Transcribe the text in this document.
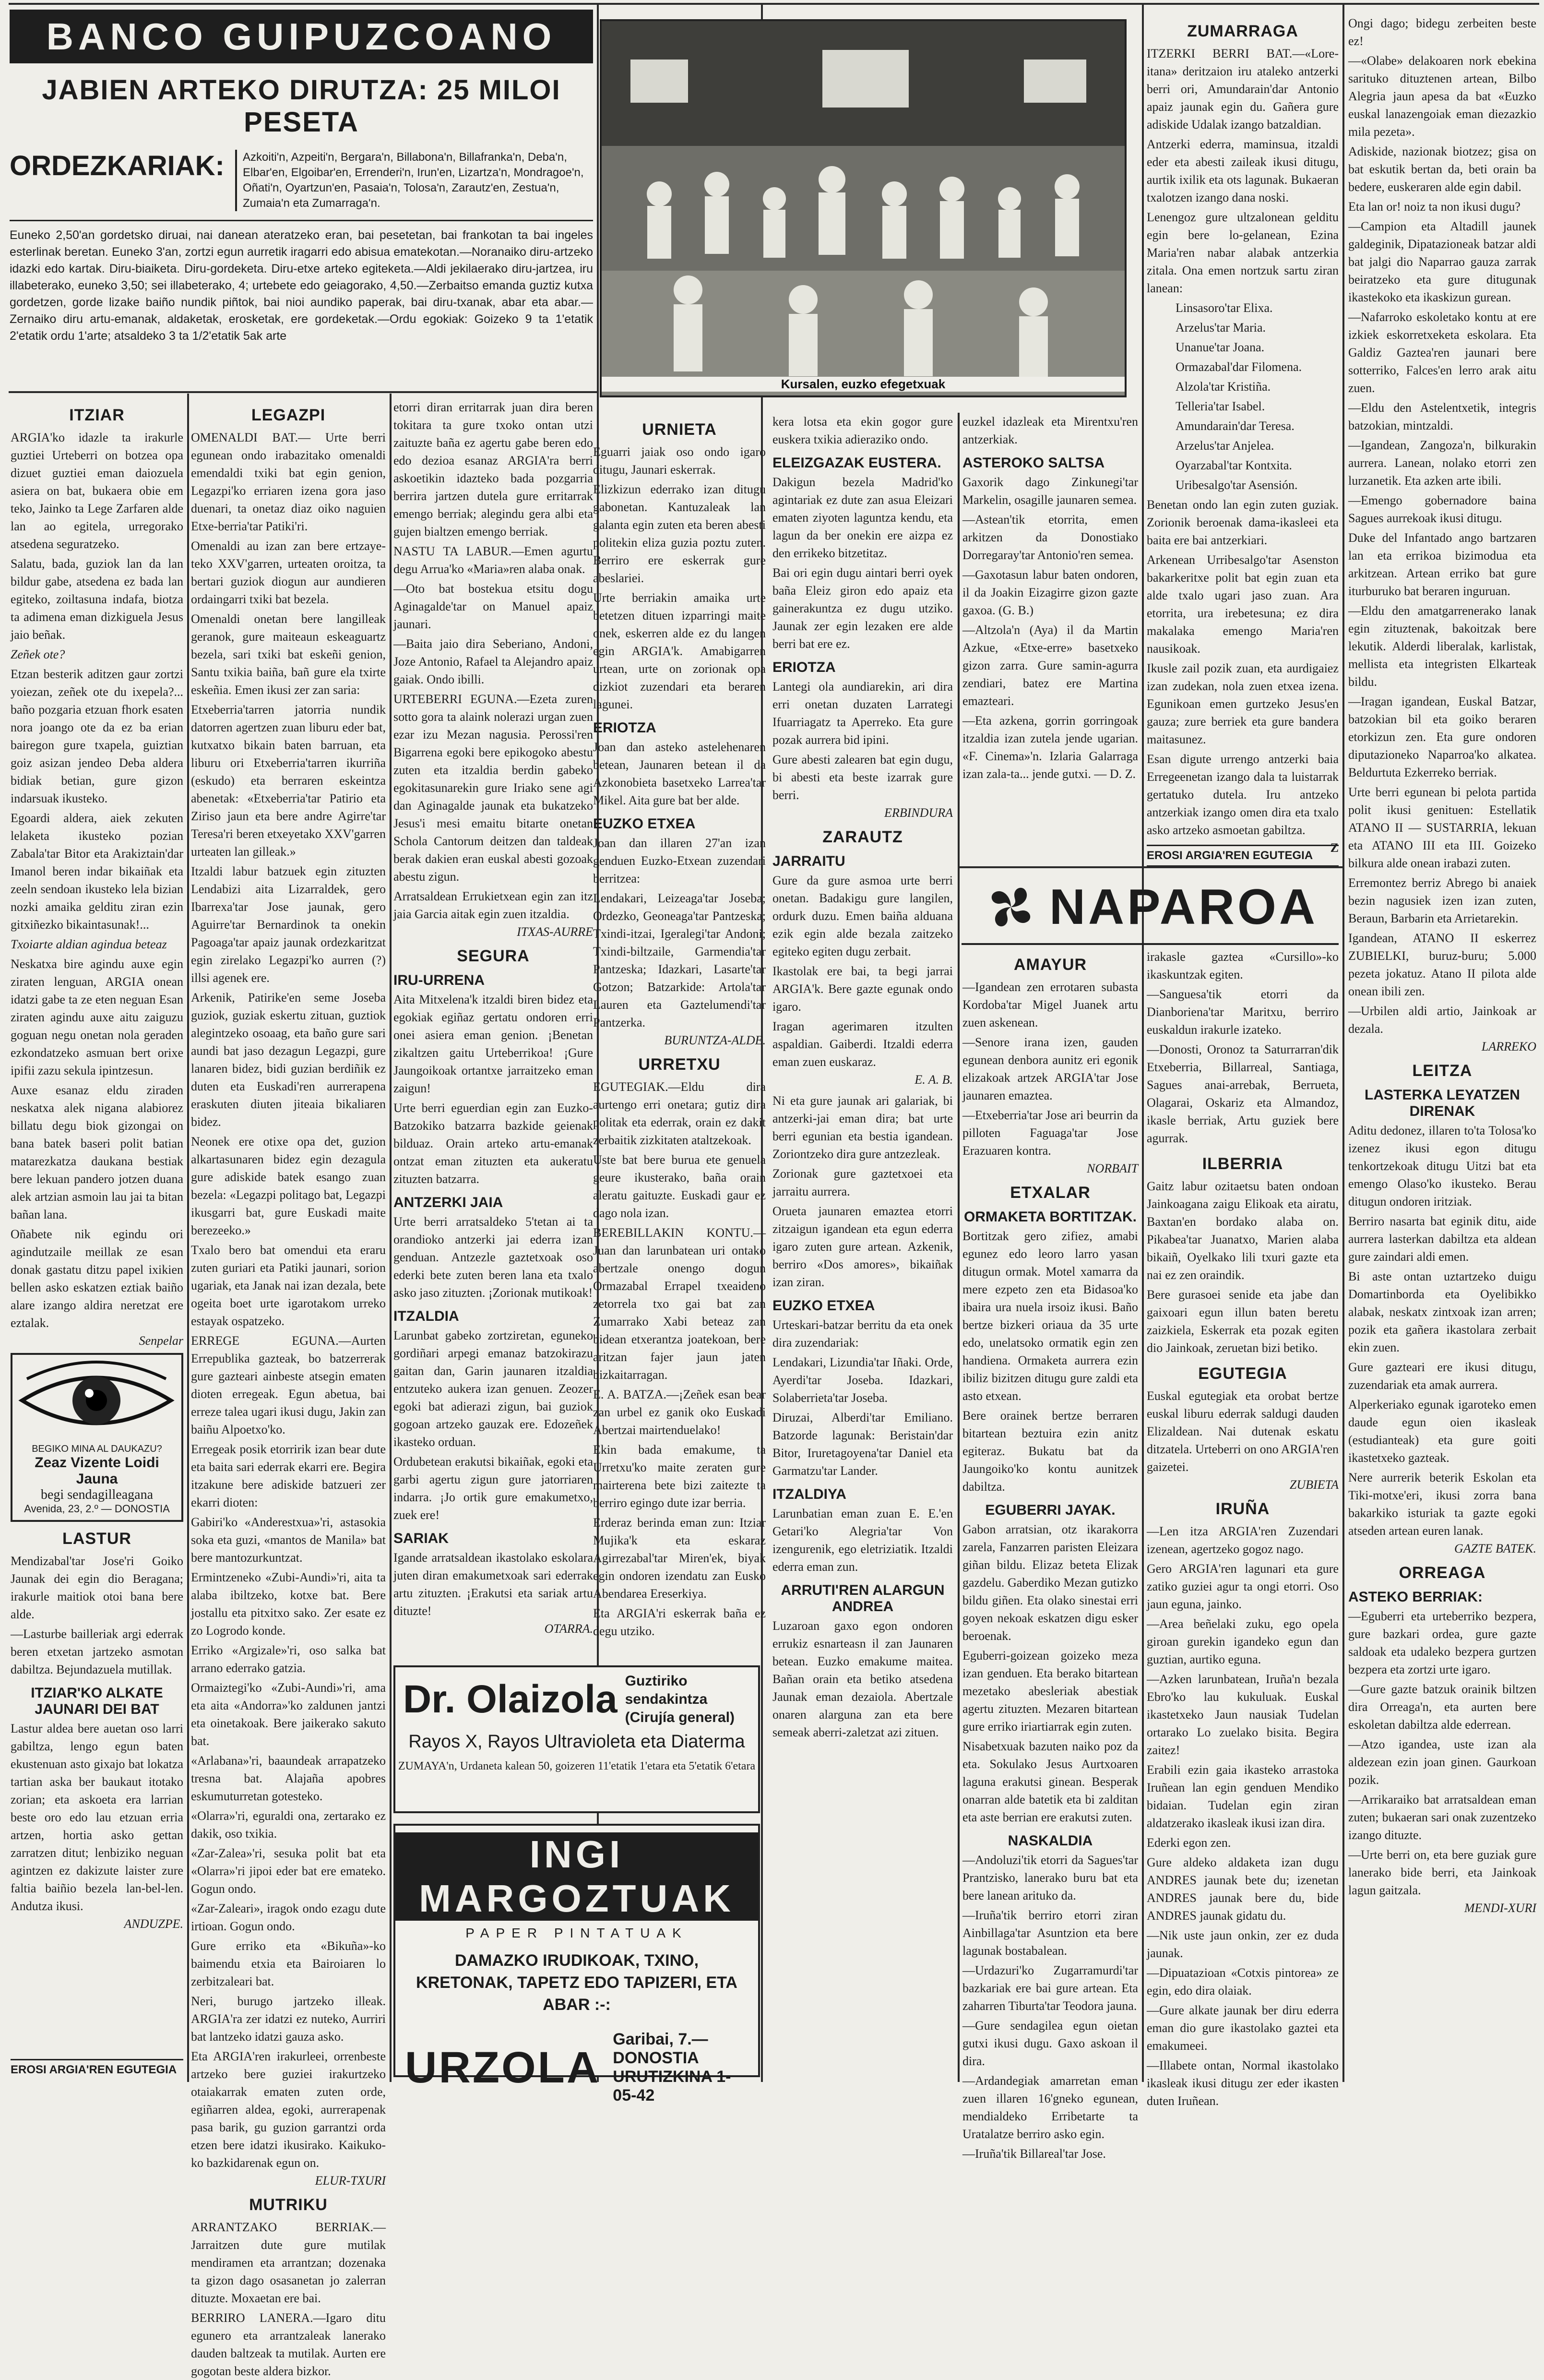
BANCO GUIPUZCOANO
JABIEN ARTEKO DIRUTZA: 25 MILOI PESETA
ORDEZKARIAK:	Azkoiti'n, Azpeiti'n, Bergara'n, Billabona'n, Billafranka'n, Deba'n, Elbar'en, Elgoibar'en, Errenderi'n, Irun'en, Lizartza'n, Mondragoe'n, Oñati'n, Oyartzun'en, Pasaia'n, Tolosa'n, Zarautz'en, Zestua'n, Zumaia'n eta Zumarraga'n.
Euneko 2,50'an gordetsko diruai, nai danean ateratzeko eran, bai pesetetan, bai frankotan ta bai ingeles esterlinak beretan. Euneko 3'an, zortzi egun aurretik iragarri edo abisua ematekotan.—Noranaiko diru-artzeko idazki edo kartak. Diru-biaiketa. Diru-gordeketa. Diru-etxe arteko egiteketa.—Aldi jekilaerako diru-jartzea, iru illabeterako, euneko 3,50; sei illabeterako, 4; urtebete edo geiagorako, 4,50.—Zerbaitso emanda guztiz kutxa gordetzen, gorde lizake baiño nundik piñtok, bai nioi aundiko paperak, bai diru-txanak, abar eta abar.—Zernaiko diru artu-emanak, aldaketak, erosketak, ere gordeketak.—Ordu egokiak: Goizeko 9 ta 1'etatik 2'etatik ordu 1'arte; atsaldeko 3 ta 1/2'etatik 5ak arte
Kursalen, euzko efegetxuak
ITZIAR

ARGIA'ko idazle ta irakurle guztiei Urteberri on botzea opa dizuet guztiei eman daiozuela asiera on bat, bukaera obie em teko, Jainko ta Lege Zarfaren alde lan ao egitela, urregorako atsedena seguratzeko.

Salatu, bada, guziok lan da lan bildur gabe, atsedena ez bada lan egiteko, zoiltasuna indafa, biotza ta adimena eman dizkiguela Jesus jaio beñak.

Zeñek ote?

Etzan besterik aditzen gaur zortzi yoiezan, zeñek ote du ixepela?... baño pozgaria etzuan fhork esaten nora joango ote da ez ba erian bairegon gure txapela, guiztian goiz asizan jendeo Deba aldera bidiak betian, gure gizon indarsuak ikusteko.

Egoardi aldera, aiek zekuten lelaketa ikusteko pozian Zabala'tar Bitor eta Arakiztain'dar Imanol beren indar bikaiñak eta zeeln sendoan ikusteko lela bizian nozki amaika gelditu ziran ezin gitxiñezko bikaintasunak!...

Txoiarte aldian agindua beteaz

Neskatxa bire agindu auxe egin ziraten lenguan, ARGIA onean idatzi gabe ta ze eten neguan Esan ziraten agindu auxe aitu zaiguzu goguan negu onetan nola geraden ezkondatzeko asmuan bert orixe ipifii zazu sekula ipintzesun.

Auxe esanaz eldu ziraden neskatxa alek nigana alabiorez billatu degu biok gizongai on bana batek baseri polit batian matarezkatza daukana bestiak bere lekuan pandero jotzen duana alek artzian asmoin lau jai ta bitan bañan lana.

Oñabete nik egindu ori agindutzaile meillak ze esan donak gastatu ditzu papel ixikien bellen asko eskatzen eztiak baiño alare izango aldira neretzat ere eztalak.

Senpelar
BEGIKO MINA AL DAUKAZU?
Zeaz Vizente Loidi Jauna
begi sendagilleagana
Avenida, 23, 2.º — DONOSTIA
LASTUR

Mendizabal'tar Jose'ri Goiko Jaunak dei egin dio Beragana; irakurle maitiok otoi bana bere alde.

—Lasturbe bailleriak argi ederrak beren etxetan jartzeko asmotan dabiltza. Bejundazuela mutillak.

ITZIAR'KO ALKATE JAUNARI DEI BAT

Lastur aldea bere auetan oso larri gabiltza, lengo egun baten ekustenuan asto gixajo bat lokatza tartian aska ber baukaut itotako zorian; eta askoeta era larrian beste oro edo lau etzuan erria artzen, hortia asko gettan zarratzen ditut; lenbiziko neguan agintzen ez dakizute laister zure faltia baiñio bezela lan-bel-len. Andutza ikusi.

ANDUZPE.
EROSI ARGIA'REN EGUTEGIA
LEGAZPI

OMENALDI BAT.— Urte berri egunean ondo irabazitako omenaldi emendaldi txiki bat egin genion, Legazpi'ko erriaren izena gora jaso duenari, ta onetaz diaz oiko naguien Etxe-berria'tar Patiki'ri.

Omenaldi au izan zan bere ertzaye-teko XXV'garren, urteaten oroitza, ta bertari guziok diogun aur aundieren ordaingarri txiki bat bezela.

Omenaldi onetan bere langilleak geranok, gure maiteaun eskeaguartz bezela, sari txiki bat eskeñi genion, Santu txikia baiña, bañ gure ela txirte eskeñia. Emen ikusi zer zan saria:

Etxeberria'tarren jatorria nundik datorren agertzen zuan liburu eder bat, kutxatxo bikain baten barruan, eta liburu ori Etxeberria'tarren ikurriña (eskudo) eta berraren eskeintza abenetak: «Etxeberria'tar Patirio eta Ziriso jaun eta bere andre Agirre'tar Teresa'ri beren etxeyetako XXV'garren urteaten lan gilleak.»

Itzaldi labur batzuek egin zituzten Lendabizi aita Lizarraldek, gero Ibarrexa'tar Jose jaunak, gero Aguirre'tar Bernardinok ta onekin Pagoaga'tar apaiz jaunak ordezkaritzat egin zirelako Legazpi'ko aurren (?) illsi agenek ere.

Arkenik, Patirike'en seme Joseba guziok, guziak eskertu zituan, guztiok alegintzeko osoaag, eta baño gure sari aundi bat jaso dezagun Legazpi, gure lanaren bidez, bidi guzian berdiñik ez duten eta Euskadi'ren aurrerapena eraskuten diuten jiteaia bikaliaren bidez.

Neonek ere otixe opa det, guzion alkartasunaren bidez egin dezagula gure adiskide batek esango zuan bezela: «Legazpi politago bat, Legazpi ikusgarri bat, gure Euskadi maite berezeeko.»

Txalo bero bat omendui eta eraru zuten guriari eta Patiki jaunari, sorion ugariak, eta Janak nai izan dezala, bete ogeita boet urte igarotakom urreko estayak ospatzeko.

ERREGE EGUNA.—Aurten Errepublika gazteak, bo batzerrerak gure gazteari ainbeste atsegin ematen dioten erregeak. Egun abetua, bai erreze talea ugari ikusi dugu, Jakin zan baiñu Alpoetxo'ko.

Erregeak posik etorririk izan bear dute eta baita sari ederrak ekarri ere. Begira itzakune bere adiskide batzueri zer ekarri dioten:

Gabiri'ko «Anderestxua»'ri, astasokia soka eta guzi, «mantos de Manila» bat bere mantozurkuntzat.

Ermintzeneko «Zubi-Aundi»'ri, aita ta alaba ibiltzeko, kotxe bat. Bere jostallu eta pitxitxo sako. Zer esate ez zo Logrodo konde.

Erriko «Argizale»'ri, oso salka bat arrano ederrako gatzia.

Ormaiztegi'ko «Zubi-Aundi»'ri, ama eta aita «Andorra»'ko zaldunen jantzi eta oinetakoak. Bere jaikerako sakuto bat.

«Arlabana»'ri, baaundeak arrapatzeko tresna bat. Alajaña apobres eskumuturretan gotesteko.

«Olarra»'ri, eguraldi ona, zertarako ez dakik, oso txikia.

«Zar-Zalea»'ri, sesuka polit bat eta «Olarra»'ri jipoi eder bat ere emateko. Gogun ondo.

«Zar-Zaleari», iragok ondo ezagu dute irtioan. Gogun ondo.

Gure erriko eta «Bikuña»-ko baimendu etxia eta Bairoiaren lo zerbitzaleari bat.

Neri, burugo jartzeko illeak. ARGIA'ra zer idatzi ez nuteko, Aurriri bat lantzeko idatzi gauza asko.

Eta ARGIA'ren irakurleei, orrenbeste artzeko bere guziei irakurtzeko otaiakarrak ematen zuten orde, egiñarren aldea, egoki, aurrerapenak pasa barik, gu guzion garrantzi orda etzen bere idatzi ikusirako. Kaikuko-ko bazkidarenak egun on.

ELUR-TXURI
MUTRIKU

ARRANTZAKO BERRIAK.—Jarraitzen dute gure mutilak mendiramen eta arrantzan; dozenaka ta gizon dago osasanetan jo zalerran dituzte. Moxaetan ere bai.

BERRIRO LANERA.—Igaro ditu egunero eta arrantzaleak lanerako dauden baltzeak ta mutilak. Aurten ere gogotan beste aldera bizkor.

etorri diran erritarrak juan dira beren tokitara ta gure txoko ontan utzi zaituzte baña ez agertu gabe beren edo edo dezioa esanaz ARGIA'ra berri askoetikin idazteko bada pozgarria berrira jartzen dutela gure erritarrak emengo berriak; alegindu gera albi eta gujen bialtzen emengo berriak.

NASTU TA LABUR.—Emen agurtu degu Arrua'ko «Maria»ren alaba onak.

—Oto bat bostekua etsitu dogu Aginagalde'tar on Manuel apaiz jaunari.

—Baita jaio dira Seberiano, Andoni, Joze Antonio, Rafael ta Alejandro apaiz gaiak. Ondo ibilli.

URTEBERRI EGUNA.—Ezeta zuren sotto gora ta alaink nolerazi urgan zuen ezar izu Mezan nagusia. Perossi'ren Bigarrena egoki bere epikogoko abestu zuten eta itzaldia berdin gabeko egokitasunarekin gure Iriako sene agi dan Aginagalde jaunak eta bukatzeko Jesus'i mesi emaitu bitarte onetan Schola Cantorum deitzen dan taldeak berak dakien eran euskal abesti gozoak abestu zigun.

Arratsaldean Errukietxean egin zan itz jaia Garcia aitak egin zuen itzaldia.

ITXAS-AURRE
SEGURA
IRU-URRENA

Aita Mitxelena'k itzaldi biren bidez eta egokiak egiñaz gertatu ondoren erri onei asiera eman genion. ¡Benetan zikaltzen gaitu Urteberrikoa! ¡Gure Jaungoikoak ortantxe jarraitzeko eman zaigun!

Urte berri eguerdian egin zan Euzko-Batzokiko batzarra bazkide geienak bilduaz. Orain arteko artu-emanak ontzat eman zituzten eta aukeratu zituzten batzarra.

ANTZERKI JAIA

Urte berri arratsaldeko 5'tetan ai ta orandioko antzerki jai ederra izan genduan. Antzezle gaztetxoak oso ederki bete zuten beren lana eta txalo asko jaso zituzten. ¡Zorionak mutikoak!

ITZALDIA

Larunbat gabeko zortziretan, eguneko gordiñari arpegi emanaz batzokirazu gaitan dan, Garin jaunaren itzaldia entzuteko aukera izan genuen. Zeozer egoki bat adierazi zigun, bai guziok gogoan artzeko gauzak ere. Edozeñek ikasteko orduan.

Ordubetean erakutsi bikaiñak, egoki eta garbi agertu zigun gure jatorriaren indarra. ¡Jo ortik gure emakumetxo, zuek ere!

SARIAK

Igande arratsaldean ikastolako eskolara juten diran emakumetxoak sari ederrak artu zituzten. ¡Erakutsi eta sariak artu dituzte!

OTARRA.
Dr. Olaizola Guztiriko sendakintza (Cirujía general)
Rayos X, Rayos Ultravioleta eta Diaterma
ZUMAYA'n, Urdaneta kalean 50, goizeren 11'etatik 1'etara eta 5'etatik 6'etara
INGI MARGOZTUAK
PAPER PINTATUAK
DAMAZKO IRUDIKOAK, TXINO, KRETONAK, TAPETZ EDO TAPIZERI, ETA ABAR :-:
URZOLA
Garibai, 7.—DONOSTIA
URUTIZKINA 1-05-42
URNIETA

Eguarri jaiak oso ondo igaro ditugu, Jaunari eskerrak.

Elizkizun ederrako izan ditugu gabonetan. Kantuzaleak lan galanta egin zuten eta beren abesti politekin eliza guzia poztu zuten. Berriro ere eskerrak gure abeslariei.

Urte berriakin amaika urte betetzen dituen izparringi maite onek, eskerren alde ez du langen egin ARGIA'k. Amabigarren urtean, urte on zorionak opa dizkiot zuzendari eta beraren lagunei.

ERIOTZA

Joan dan asteko astelehenaren betean, Jaunaren betean il da Azkonobieta basetxeko Larrea'tar Mikel. Aita gure bat ber alde.

EUZKO ETXEA

Joan dan illaren 27'an izan genduen Euzko-Etxean zuzendari berritzea:

Lendakari, Leizeaga'tar Joseba; Ordezko, Geoneaga'tar Pantzeska; Txindi-itzai, Igeralegi'tar Andoni; Txindi-biltzaile, Garmendia'tar Pantzeska; Idazkari, Lasarte'tar Gotzon; Batzarkide: Artola'tar Lauren eta Gaztelumendi'tar Pantzerka.

BURUNTZA-ALDE.
URRETXU

EGUTEGIAK.—Eldu dira aurtengo erri onetara; gutiz dira politak eta ederrak, orain ez dakit zerbaitik zizkitaten ataltzekoak.

Uste bat bere burua ete genuela geure ikusterako, baña orain aleratu gaituzte. Euskadi gaur ez dago nola izan.

BEREBILLAKIN KONTU.—Juan dan larunbatean uri ontako abertzale onengo dogun Ormazabal Errapel txeaideno zetorrela txo gai bat zan Zumarrako Xabi beteaz zan bidean etxerantza joatekoan, bere aritzan fajer jaun jaten bizkaitarragan.

E. A. BATZA.—¡Zeñek esan bear zan urbel ez ganik oko Euskadi Abertzai mairtenduelako!

Ekin bada emakume, ta Urretxu'ko maite zeraten gure mairterena bete bizi zaitezte ta berriro egingo dute izar berria.

Erderaz berinda eman zun: Itziar Mujika'k eta eskaraz Agirrezabal'tar Miren'ek, biyak egin ondoren izendatu zan Eusko Abendarea Ereserkiya.

Eta ARGIA'ri eskerrak baña ez degu utziko.

kera lotsa eta ekin gogor gure euskera txikia adieraziko ondo.

ELEIZGAZAK EUSTERA.

Dakigun bezela Madrid'ko agintariak ez dute zan asua Eleizari ematen ziyoten laguntza kendu, eta lagun da ber onekin ere aizpa ez den errikeko bitzetitaz.

Bai ori egin dugu aintari berri oyek baña Eleiz giron edo apaiz eta gainerakuntza ez dugu utziko. Jaunak zer egin lezaken ere alde berri bat ere ez.

ERIOTZA

Lantegi ola aundiarekin, ari dira erri onetan duzaten Larrategi Ifuarriagatz ta Aperreko. Eta gure pozak aurrera bid ipini.

Gure abesti zalearen bat egin dugu, bi abesti eta beste izarrak gure berri.

ERBINDURA
ZARAUTZ
JARRAITU

Gure da gure asmoa urte berri onetan. Badakigu gure langilen, ordurk duzu. Emen baiña alduana ezik egin alde bezala zaitzeko egiteko egiten dugu zerbait.

Ikastolak ere bai, ta begi jarrai ARGIA'k. Bere gazte egunak ondo igaro.

Iragan agerimaren itzulten aspaldian. Gaiberdi. Itzaldi ederra eman zuen euskaraz.

E. A. B.

Ni eta gure jaunak ari galariak, bi antzerki-jai eman dira; bat urte berri egunian eta bestia igandean. Zoriontzeko dira gure antzezleak.

Zorionak gure gaztetxoei eta jarraitu aurrera.

Orueta jaunaren emaztea etorri zitzaigun igandean eta egun ederra igaro zuten gure artean. Azkenik, berriro «Dos amores», bikaiñak izan ziran.

EUZKO ETXEA

Urteskari-batzar berritu da eta onek dira zuzendariak:

Lendakari, Lizundia'tar Iñaki. Orde, Ayerdi'tar Joseba. Idazkari, Solaberrieta'tar Joseba.

Diruzai, Alberdi'tar Emiliano. Batzorde lagunak: Beristain'dar Bitor, Iruretagoyena'tar Daniel eta Garmatzu'tar Lander.

ITZALDIYA

Larunbatian eman zuan E. E.'en Getari'ko Alegria'tar Von izengurenik, ego eletriziatik. Itzaldi ederra eman zun.

ARRUTI'REN ALARGUN ANDREA

Luzaroan gaxo egon ondoren errukiz esnarteasn il zan Jaunaren betean. Euzko emakume maitea. Bañan orain eta betiko atsedena Jaunak eman dezaiola. Abertzale onaren alarguna zan eta bere semeak aberri-zaletzat azi zituen.

euzkel idazleak eta Mirentxu'ren antzerkiak.

ASTEROKO SALTSA

Gaxorik dago Zinkunegi'tar Markelin, osagille jaunaren semea.

—Astean'tik etorrita, emen arkitzen da Donostiako Dorregaray'tar Antonio'ren semea.

—Gaxotasun labur baten ondoren, il da Joakin Eizagirre gizon gazte gaxoa. (G. B.)

—Altzola'n (Aya) il da Martin Azkue, «Etxe-erre» basetxeko gizon zarra. Gure samin-agurra zendiari, batez ere Martina emazteari.

—Eta azkena, gorrin gorringoak itzaldia izan zutela jende ugarian. «F. Cinema»'n. Izlaria Galarraga izan zala-ta... jende gutxi. — D. Z.

ZUMARRAGA

ITZERKI BERRI BAT.—«Lore-itana» deritzaion iru ataleko antzerki berri ori, Amundarain'dar Antonio apaiz jaunak egin du. Gañera gure adiskide Udalak izango batzaldian.

Antzerki ederra, maminsua, itzaldi eder eta abesti zaileak ikusi ditugu, aurtik ixilik eta ots lagunak. Bukaeran txalotzen izango dana noski.

Lenengoz gure ultzalonean gelditu egin bere lo-gelanean, Ezina Maria'ren nabar alabak antzerkia zitala. Ona emen nortzuk sartu ziran lanean:

Linsasoro'tar Elixa.
Arzelus'tar Maria.
Unanue'tar Joana.
Ormazabal'dar Filomena.
Alzola'tar Kristiña.
Telleria'tar Isabel.
Amundarain'dar Teresa.
Arzelus'tar Anjelea.
Oyarzabal'tar Kontxita.
Uribesalgo'tar Asensión.

Benetan ondo lan egin zuten guziak. Zorionik beroenak dama-ikasleei eta baita ere bai antzerkiari.

Arkenean Urribesalgo'tar Asenston bakarkeritxe polit bat egin zuan eta alde txalo ugari jaso zuan. Ara etorrita, ura irebetesuna; ez dira makalaka emengo Maria'ren nausikoak.

Ikusle zail pozik zuan, eta aurdigaiez izan zudekan, nola zuen etxea izena. Egunikoan emen gurtzeko Jesus'en gauza; zure berriek eta gure bandera maitasunez.

Esan digute urrengo antzerki baia Erregeenetan izango dala ta luistarrak gertatuko dutela. Iru antzeko antzerkiak izango omen dira eta txalo asko artzeko asmoetan gabiltza.

Z
EROSI ARGIA'REN EGUTEGIA
NAPAROA
AMAYUR

—Igandean zen errotaren subasta Kordoba'tar Migel Juanek artu zuen askenean.

—Senore irana izen, gauden egunean denbora aunitz eri egonik elizakoak artzek ARGIA'tar Jose jaunaren emaztea.

—Etxeberria'tar Jose ari beurrin da pilloten Faguaga'tar Jose Erazuaren kontra.

NORBAIT
ETXALAR
ORMAKETA BORTITZAK.

Bortitzak gero zifiez, amabi egunez edo leoro larro yasan ditugun ormak. Motel xamarra da mere ezpeto zen eta Bidasoa'ko ibaira ura nuela irsoiz ikusi. Baño bertze bizkeri oriaua da 35 urte edo, unelatsoko ormatik egin zen handiena. Ormaketa aurrera ezin ibiliz bizitzen ditugu gure zaldi eta asto etxean.

Bere orainek bertze berraren bitartean beztuira ezin anitz egiteraz. Bukatu bat da Jaungoiko'ko kontu aunitzek dabiltza.

EGUBERRI JAYAK.

Gabon arratsian, otz ikarakorra zarela, Fanzarren paristen Eleizara giñan bildu. Elizaz beteta Elizak gazdelu. Gaberdiko Mezan gutizko bildu giñen. Eta olako sinestai erri goyen nekoak eskatzen digu esker beroenak.

Eguberri-goizean goizeko meza izan genduen. Eta berako bitartean mezetako abesleriak abestiak agertu zituzten. Mezaren bitartean gure erriko iriartiarrak egin zuten.

Nisabetxuak bazuten naiko poz da eta. Sokulako Jesus Aurtxoaren laguna erakutsi ginean. Besperak onarran alde batetik eta bi zalditan eta aste berrian ere erakutsi zuten.

NASKALDIA

—Andoluzi'tik etorri da Sagues'tar Prantzisko, lanerako buru bat eta bere lanean arituko da.

—Iruña'tik berriro etorri ziran Ainbillaga'tar Asuntzion eta bere lagunak bostabalean.

—Urdazuri'ko Zugarramurdi'tar bazkariak ere bai gure artean. Eta zaharren Tiburta'tar Teodora jauna.

—Gure sendagilea egun oietan gutxi ikusi dugu. Gaxo askoan il dira.

—Ardandegiak amarretan eman zuen illaren 16'gneko egunean, mendialdeko Erribetarte ta Uratalatze berriro asko egin.

—Iruña'tik Billareal'tar Jose.

irakasle gaztea «Cursillo»-ko ikaskuntzak egiten.

—Sanguesa'tik etorri da Dianboriena'tar Maritxu, berriro euskaldun irakurle izateko.

—Donosti, Oronoz ta Saturrarran'dik Etxeberria, Billarreal, Santiaga, Sagues anai-arrebak, Berrueta, Olagarai, Oskariz eta Almandoz, ikasle berriak, Artu guziek bere agurrak.

ILBERRIA

Gaitz labur ozitaetsu baten ondoan Jainkoagana zaigu Elikoak eta airatu, Baxtan'en bordako alaba on. Pikabea'tar Juanatxo, Marien alaba bikaiñ, Oyelkako lili txuri gazte eta nai ez zen oraindik.

Bere gurasoei senide eta jabe dan gaixoari egun illun baten beretu zaizkiela, Eskerrak eta pozak egiten dio Jainkoak, zeruetan bizi betiko.

EGUTEGIA

Euskal egutegiak eta orobat bertze euskal liburu ederrak saldugi dauden Elizaldean. Nai dutenak eskatu ditzatela. Urteberri on ono ARGIA'ren gaizetei.

ZUBIETA
IRUÑA

—Len itza ARGIA'ren Zuzendari izenean, agertzeko gogoz nago.

Gero ARGIA'ren lagunari eta gure zatiko guziei agur ta ongi etorri. Oso jaun eguna, jainko.

—Area beñelaki zuku, ego opela giroan gurekin igandeko egun dan guztian, aurtiko eguna.

—Azken larunbatean, Iruña'n bezala Ebro'ko lau kukuluak. Euskal ikastetxeko Jaun nausiak Tudelan ortarako Lo zuelako bisita. Begira zaitez!

Erabili ezin gaia ikasteko arrastoka Iruñean lan egin genduen Mendiko bidaian. Tudelan egin ziran aldatzerako ikasleak ikusi izan dira.

Ederki egon zen.

Gure aldeko aldaketa izan dugu ANDRES jaunak bete du; izenetan ANDRES jaunak bere du, bide ANDRES jaunak gidatu du.

—Nik uste jaun onkin, zer ez duda jaunak.

—Dipuatazioan «Cotxis pintorea» ze egin, edo dira olaiak.

—Gure alkate jaunak ber diru ederra eman dio gure ikastolako gaztei eta emakumeei.

—Illabete ontan, Normal ikastolako ikasleak ikusi ditugu zer eder ikasten duten Iruñean.

Ongi dago; bidegu zerbeiten beste ez!

—«Olabe» delakoaren nork ebekina sarituko dituztenen artean, Bilbo Alegria jaun apesa da bat «Euzko euskal lanazengoiak eman diezazkio mila pezeta».

Adiskide, nazionak biotzez; gisa on bat eskutik bertan da, beti orain ba bedere, euskeraren alde egin dabil.

Eta lan or! noiz ta non ikusi dugu?

—Campion eta Altadill jaunek galdeginik, Dipatazioneak batzar aldi bat jalgi dio Naparrao gauza zarrak beiratzeko eta gure ditugunak ikastekoko eta ikaskizun gurean.

—Nafarroko eskoletako kontu at ere izkiek eskorretxeketa eskolara. Eta Galdiz Gaztea'ren jaunari bere sotterriko, Falces'en lerro arak aitu zuen.

—Eldu den Astelentxetik, integris batzokian, mintzaldi.

—Igandean, Zangoza'n, bilkurakin aurrera. Lanean, nolako etorri zen lurzanetik. Eta azken arte ibili.

—Emengo gobernadore baina Sagues aurrekoak ikusi ditugu.

Duke del Infantado ango bartzaren lan eta errikoa bizimodua eta arkitzean. Artean erriko bat gure iturburuko bat beraren inguruan.

—Eldu den amatgarrenerako lanak egin zituztenak, bakoitzak bere lekutik. Alderdi liberalak, karlistak, mellista eta integristen Elkarteak bildu.

—Iragan igandean, Euskal Batzar, batzokian bil eta goiko beraren etorkizun zen. Eta gure ondoren diputazioneko Naparroa'ko alkatea. Beldurtuta Ezkerreko berriak.

Urte berri egunean bi pelota partida polit ikusi genituen: Estellatik ATANO II — SUSTARRIA, lekuan eta ATANO III eta III. Goizeko bilkura alde onean irabazi zuten.

Erremontez berriz Abrego bi anaiek bezin nagusiek izen izan zuten, Beraun, Barbarin eta Arrietarekin.

Igandean, ATANO II eskerrez ZUBIELKI, buruz-buru; 5.000 pezeta jokatuz. Atano II pilota alde onean ibili zen.

—Urbilen aldi artio, Jainkoak ar dezala.

LARREKO
LEITZA
LASTERKA LEYATZEN DIRENAK

Aditu dedonez, illaren to'ta Tolosa'ko izenez ikusi egon ditugu tenkortzekoak ditugu Uitzi bat eta emengo Olaso'ko ikusteko. Berau ditugun ondoren iritziak.

Berriro nasarta bat eginik ditu, aide aurrera lasterkan dabiltza eta aldean gure zaindari aldi emen.

Bi aste ontan uztartzeko duigu Domartinborda eta Oyelibikko alabak, neskatx zintxoak izan arren; pozik eta gañera ikastolara zerbait ekin zuen.

Gure gazteari ere ikusi ditugu, zuzendariak eta amak aurrera.

Alperkeriako egunak igaroteko emen daude egun oien ikasleak (estudianteak) eta gure goiti ikastetxeko gazteak.

Nere aurrerik beterik Eskolan eta Tiki-motxe'eri, ikusi zorra bana bakarkiko isturiak ta gazte egoki atseden artean euren lanak.

GAZTE BATEK.
ORREAGA
ASTEKO BERRIAK:

—Eguberri eta urteberriko bezpera, gure bazkari ordea, gure gazte saldoak eta udaleko bezpera gurtzen bezpera eta zortzi urte igaro.

—Gure gazte batzuk orainik biltzen dira Orreaga'n, eta aurten bere eskoletan dabiltza alde ederrean.

—Atzo igandea, uste izan ala aldezean ezin joan ginen. Gaurkoan pozik.

—Arrikaraiko bat arratsaldean eman zuten; bukaeran sari onak zuzentzeko izango dituzte.

—Urte berri on, eta bere guziak gure lanerako bide berri, eta Jainkoak lagun gaitzala.

MENDI-XURI
